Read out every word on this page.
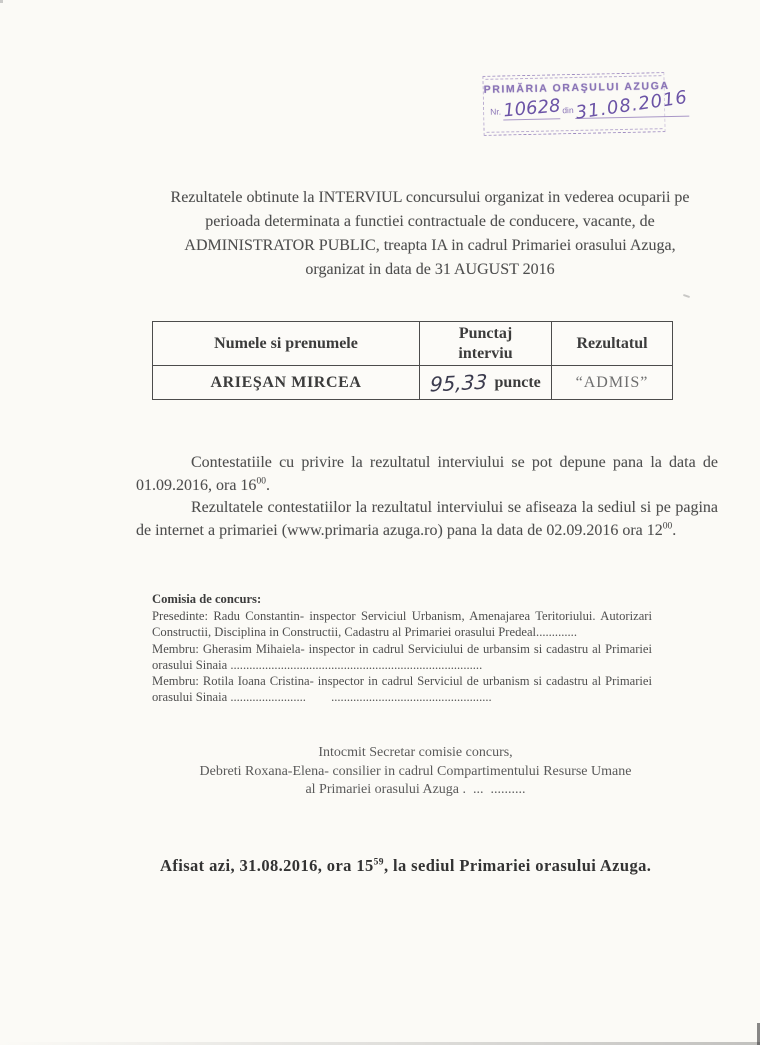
PRIMĂRIA ORAŞULUI AZUGA
Nr. 10628 din 31.08.2016
Rezultatele obtinute la INTERVIUL concursului organizat in vederea ocuparii pe
perioada determinata a functiei contractuale de conducere, vacante, de
ADMINISTRATOR PUBLIC, treapta IA in cadrul Primariei orasului Azuga,
organizat in data de 31 AUGUST 2016
Numele si prenumele
Punctaj
interviu
Rezultatul
ARIEŞAN MIRCEA	95,33 puncte	“ADMIS”

Contestatiile cu privire la rezultatul interviului se pot depune pana la data de 01.09.2016, ora $16^{00}$.

Rezultatele contestatiilor la rezultatul interviului se afiseaza la sediul si pe pagina de internet a primariei (www.primaria azuga.ro) pana la data de 02.09.2016 ora $12^{00}$.

Comisia de concurs:

Presedinte: Radu Constantin- inspector Serviciul Urbanism, Amenajarea Teritoriului. Autorizari Constructii, Disciplina in Constructii, Cadastru al Primariei orasului Predeal.............

Membru: Gherasim Mihaiela- inspector in cadrul Serviciului de urbansim si cadastru al Primariei orasului Sinaia ................................................................................

Membru: Rotila Ioana Cristina- inspector in cadrul Serviciul de urbanism si cadastru al Primariei orasului Sinaia ........................        ...................................................

Intocmit Secretar comisie concurs,
Debreti Roxana-Elena- consilier in cadrul Compartimentului Resurse Umane
al Primariei orasului Azuga .  ...  ..........
Afisat azi, 31.08.2016, ora $15^{59}$, la sediul Primariei orasului Azuga.
